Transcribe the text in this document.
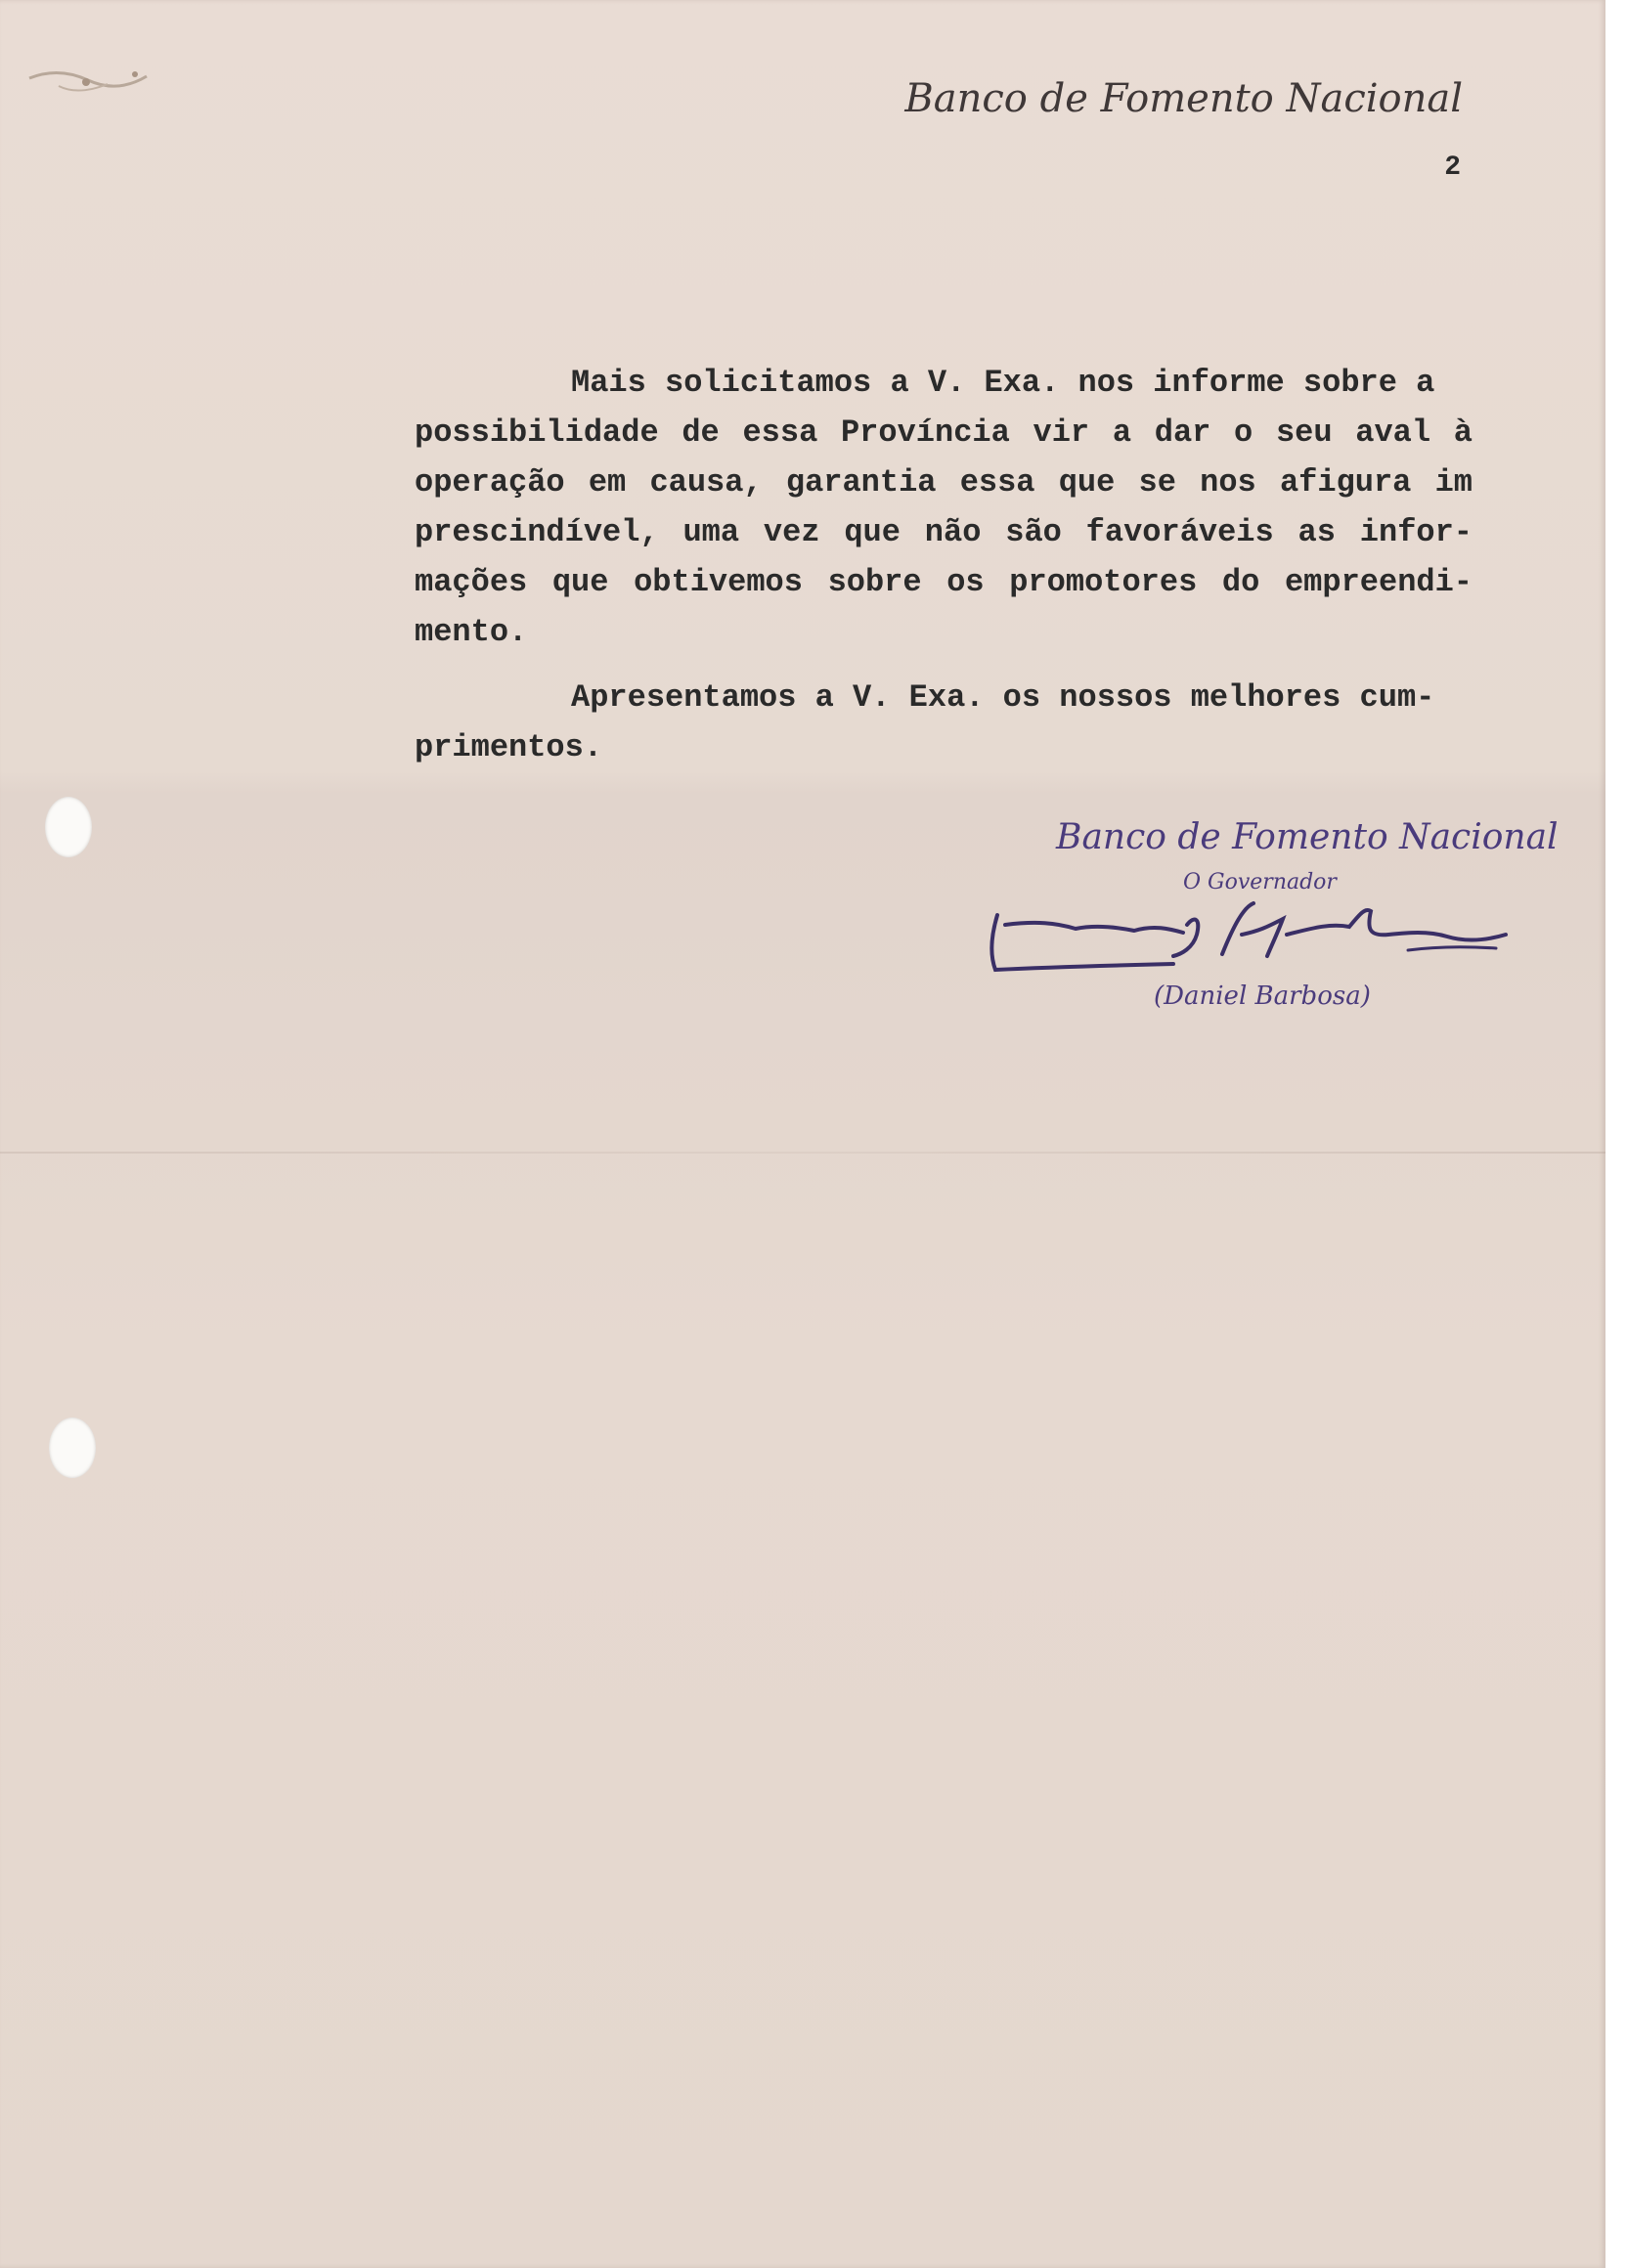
Banco de Fomento Nacional
2
Mais solicitamos a V. Exa. nos informe sobre a
possibilidade de essa Província vir a dar o seu aval à
operação em causa, garantia essa que se nos afigura im
prescindível, uma vez que não são favoráveis as infor-
mações que obtivemos sobre os promotores do empreendi-
mento.
Apresentamos a V. Exa. os nossos melhores cum-
primentos.
Banco de Fomento Nacional
O Governador
(Daniel Barbosa)
